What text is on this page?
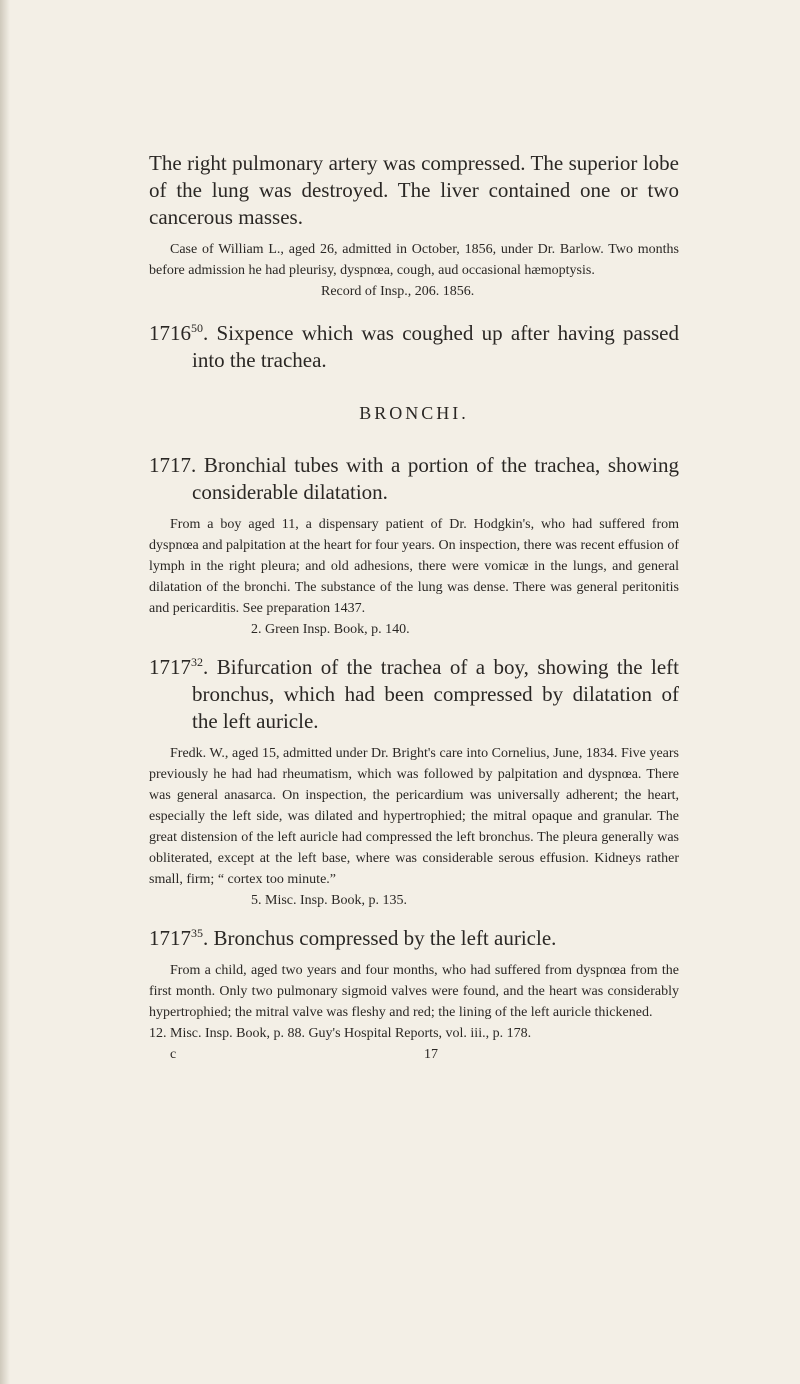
The right pulmonary artery was compressed. The superior lobe of the lung was destroyed. The liver contained one or two cancerous masses.

Case of William L., aged 26, admitted in October, 1856, under Dr. Barlow. Two months before admission he had pleurisy, dyspnœa, cough, aud occasional hæmoptysis.

Record of Insp., 206. 1856.

1716$^{50}$. Sixpence which was coughed up after having passed into the trachea.

BRONCHI.

1717. Bronchial tubes with a portion of the trachea, showing considerable dilatation.

From a boy aged 11, a dispensary patient of Dr. Hodgkin's, who had suffered from dyspnœa and palpitation at the heart for four years. On inspection, there was recent effusion of lymph in the right pleura; and old adhesions, there were vomicæ in the lungs, and general dilatation of the bronchi. The substance of the lung was dense. There was general peritonitis and pericarditis. See preparation 1437.

2. Green Insp. Book, p. 140.

1717$^{32}$. Bifurcation of the trachea of a boy, showing the left bronchus, which had been compressed by dilatation of the left auricle.

Fredk. W., aged 15, admitted under Dr. Bright's care into Cornelius, June, 1834. Five years previously he had had rheumatism, which was followed by palpitation and dyspnœa. There was general anasarca. On inspection, the pericardium was universally adherent; the heart, especially the left side, was dilated and hypertrophied; the mitral opaque and granular. The great distension of the left auricle had compressed the left bronchus. The pleura generally was obliterated, except at the left base, where was considerable serous effusion. Kidneys rather small, firm; “ cortex too minute.”

5. Misc. Insp. Book, p. 135.

1717$^{35}$. Bronchus compressed by the left auricle.

From a child, aged two years and four months, who had suffered from dyspnœa from the first month. Only two pulmonary sigmoid valves were found, and the heart was considerably hypertrophied; the mitral valve was fleshy and red; the lining of the left auricle thickened.

12. Misc. Insp. Book, p. 88. Guy's Hospital Reports, vol. iii., p. 178.

c	17
